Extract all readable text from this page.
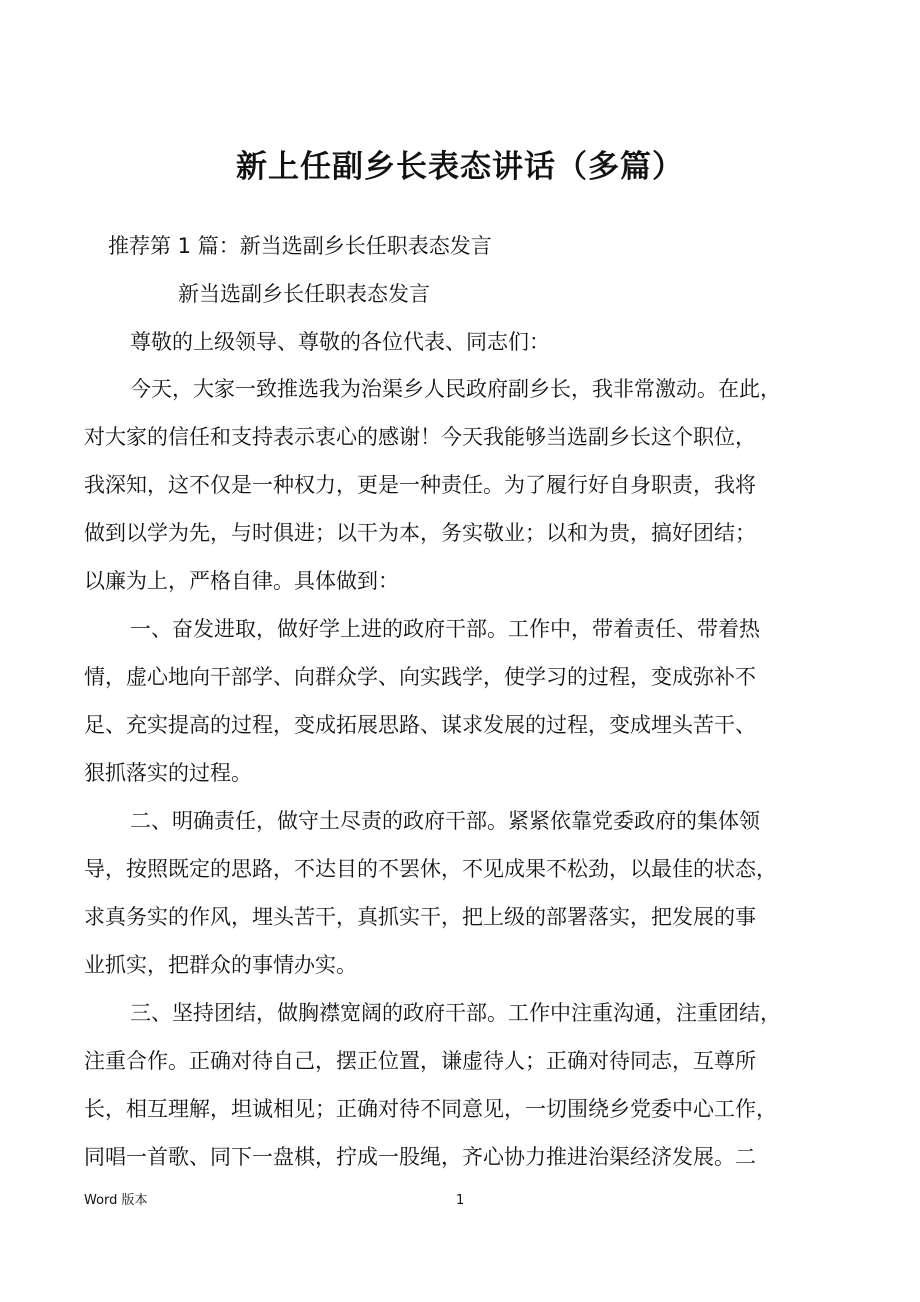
新上任副乡长表态讲话（多篇）
推荐第 1 篇：新当选副乡长任职表态发言
新当选副乡长任职表态发言
尊敬的上级领导、尊敬的各位代表、同志们：
今天，大家一致推选我为治渠乡人民政府副乡长，我非常激动。在此，
对大家的信任和支持表示衷心的感谢！今天我能够当选副乡长这个职位，
我深知，这不仅是一种权力，更是一种责任。为了履行好自身职责，我将
做到以学为先，与时俱进；以干为本，务实敬业；以和为贵，搞好团结；
以廉为上，严格自律。具体做到：
一、奋发进取，做好学上进的政府干部。工作中，带着责任、带着热
情，虚心地向干部学、向群众学、向实践学，使学习的过程，变成弥补不
足、充实提高的过程，变成拓展思路、谋求发展的过程，变成埋头苦干、
狠抓落实的过程。
二、明确责任，做守土尽责的政府干部。紧紧依靠党委政府的集体领
导，按照既定的思路，不达目的不罢休，不见成果不松劲，以最佳的状态，
求真务实的作风，埋头苦干，真抓实干，把上级的部署落实，把发展的事
业抓实，把群众的事情办实。
三、坚持团结，做胸襟宽阔的政府干部。工作中注重沟通，注重团结，
注重合作。正确对待自己，摆正位置，谦虚待人；正确对待同志，互尊所
长，相互理解，坦诚相见；正确对待不同意见，一切围绕乡党委中心工作，
同唱一首歌、同下一盘棋，拧成一股绳，齐心协力推进治渠经济发展。二
Word 版本	1
